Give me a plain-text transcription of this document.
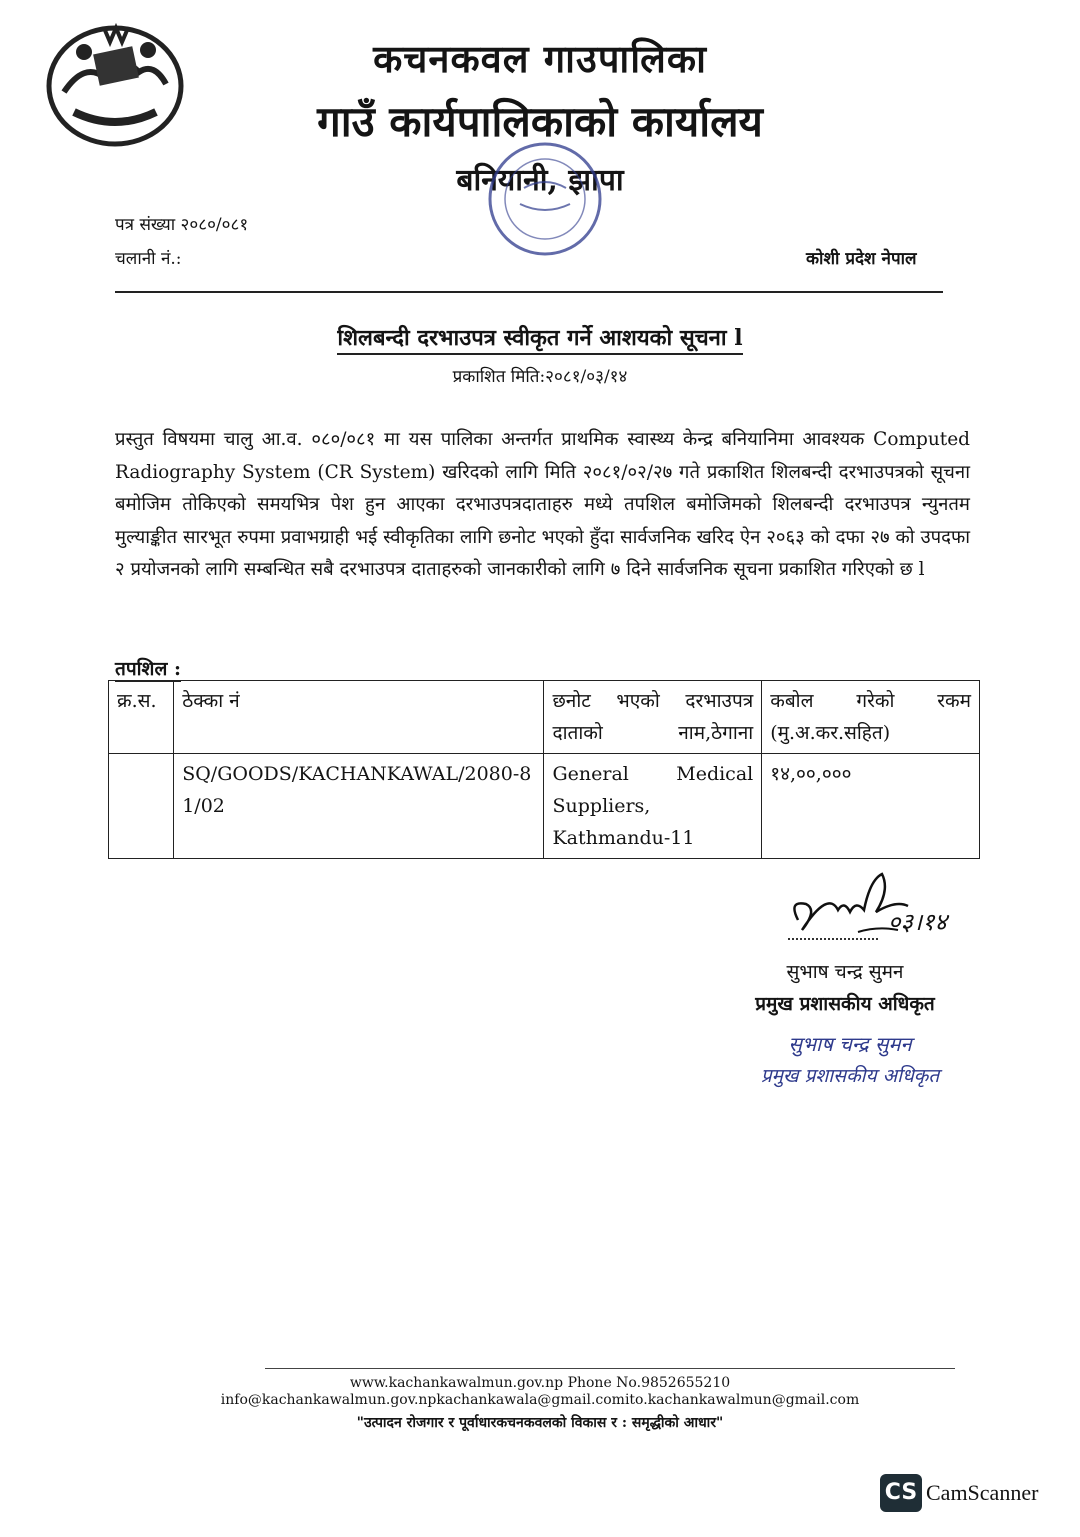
कचनकवल गाउपालिका
गाउँ कार्यपालिकाको कार्यालय
बनियानी, झापा
पत्र संख्या २०८०/०८१
चलानी नं.:	कोशी प्रदेश नेपाल
शिलबन्दी दरभाउपत्र स्वीकृत गर्ने आशयको सूचना l
प्रकाशित मिति:२०८१/०३/१४
प्रस्तुत विषयमा चालु आ.व. ०८०/०८१ मा यस पालिका अन्तर्गत प्राथमिक स्वास्थ्य केन्द्र बनियानिमा आवश्यक Computed Radiography System (CR System) खरिदको लागि मिति २०८१/०२/२७ गते प्रकाशित शिलबन्दी दरभाउपत्रको सूचना बमोजिम तोकिएको समयभित्र पेश हुन आएका दरभाउपत्रदाताहरु मध्ये तपशिल बमोजिमको शिलबन्दी दरभाउपत्र न्युनतम मुल्याङ्कीत सारभूत रुपमा प्रवाभग्राही भई स्वीकृतिका लागि छनोट भएको हुँदा सार्वजनिक खरिद ऐन २०६३ को दफा २७ को उपदफा २ प्रयोजनको लागि सम्बन्धित सबै दरभाउपत्र दाताहरुको जानकारीको लागि ७ दिने सार्वजनिक सूचना प्रकाशित गरिएको छ l
तपशिल :
क्र.स.	ठेक्का नं	छनोट भएको दरभाउपत्र दाताको नाम,ठेगाना	कबोल गरेको रकम (मु.अ.कर.सहित)
	SQ/GOODS/KACHANKAWAL/2080-81/02	General Medical
Suppliers,
Kathmandu-11	१४,००,०००
०३।१४
सुभाष चन्द्र सुमन
प्रमुख प्रशासकीय अधिकृत
सुभाष चन्द्र सुमन
प्रमुख प्रशासकीय अधिकृत
www.kachankawalmun.gov.np Phone No.9852655210
info@kachankawalmun.gov.npkachankawala@gmail.comito.kachankawalmun@gmail.com
"उत्पादन रोजगार र पूर्वाधारकचनकवलको विकास र : समृद्धीको आधार"
CS CamScanner
